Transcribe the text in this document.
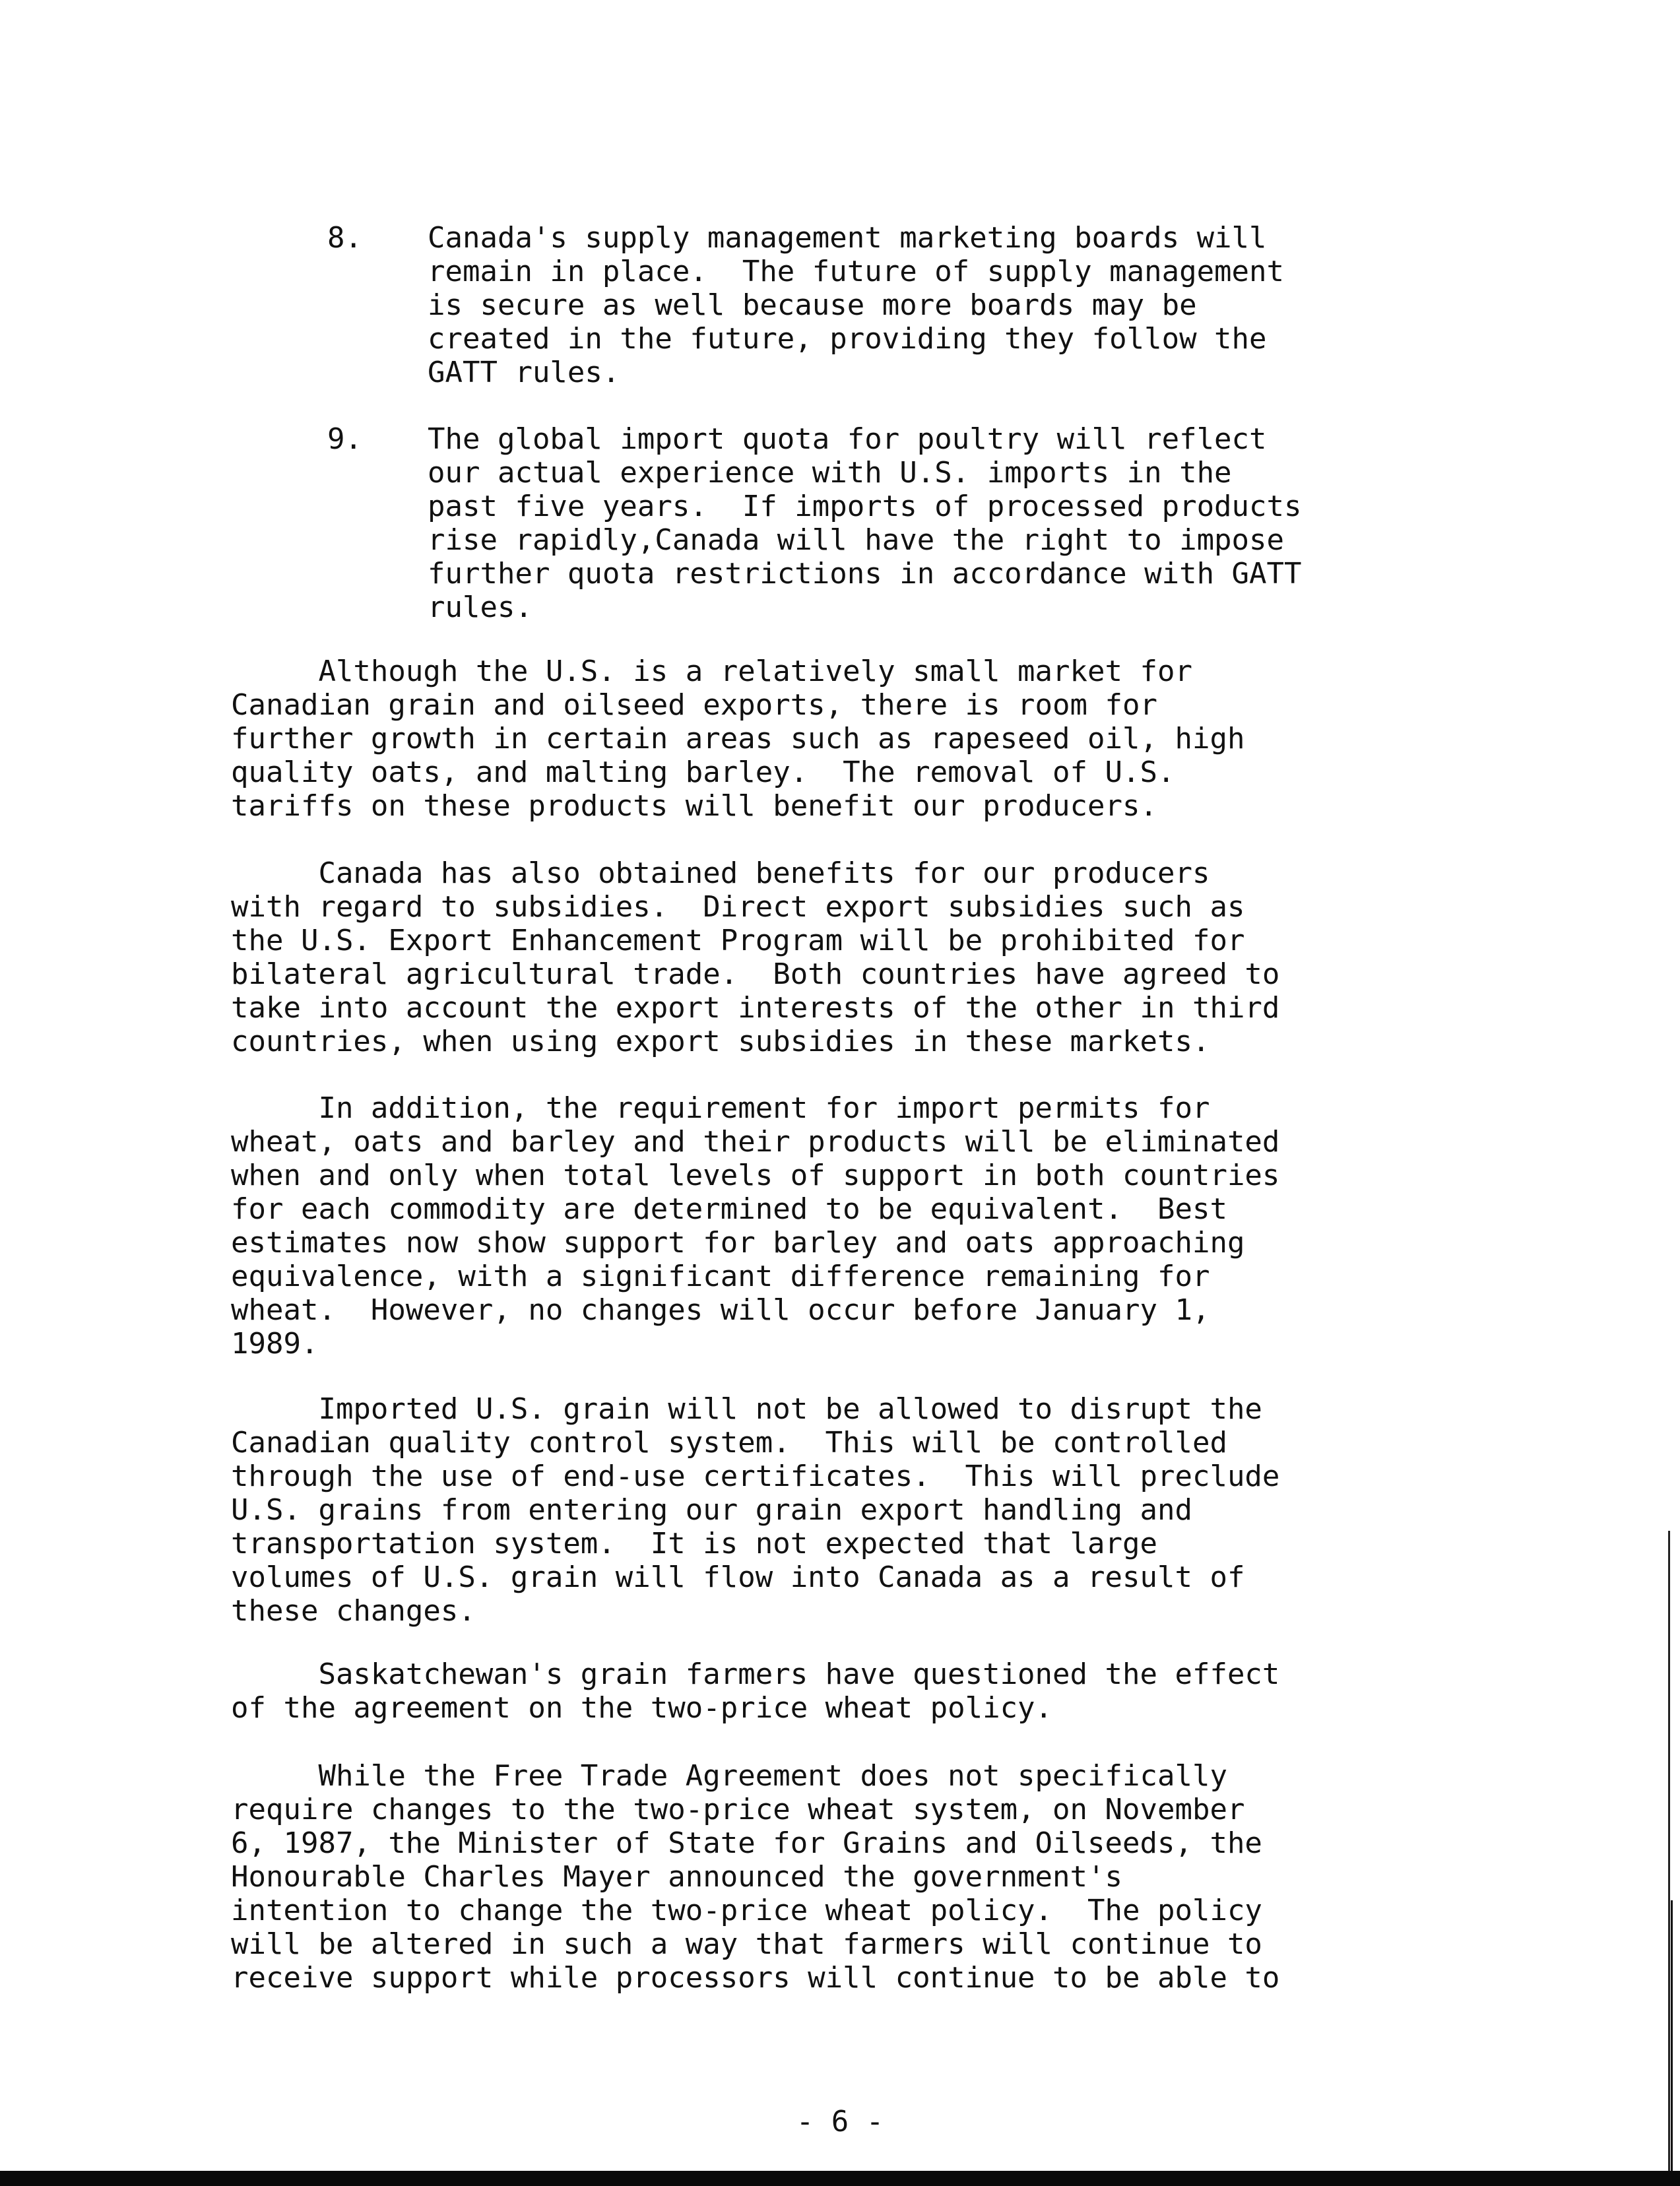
8. Canada's supply management marketing boards will
remain in place.  The future of supply management
is secure as well because more boards may be
created in the future, providing they follow the
GATT rules.
9. The global import quota for poultry will reflect
our actual experience with U.S. imports in the
past five years.  If imports of processed products
rise rapidly,Canada will have the right to impose
further quota restrictions in accordance with GATT
rules.
Although the U.S. is a relatively small market for
Canadian grain and oilseed exports, there is room for
further growth in certain areas such as rapeseed oil, high
quality oats, and malting barley.  The removal of U.S.
tariffs on these products will benefit our producers.
Canada has also obtained benefits for our producers
with regard to subsidies.  Direct export subsidies such as
the U.S. Export Enhancement Program will be prohibited for
bilateral agricultural trade.  Both countries have agreed to
take into account the export interests of the other in third
countries, when using export subsidies in these markets.
In addition, the requirement for import permits for
wheat, oats and barley and their products will be eliminated
when and only when total levels of support in both countries
for each commodity are determined to be equivalent.  Best
estimates now show support for barley and oats approaching
equivalence, with a significant difference remaining for
wheat.  However, no changes will occur before January 1,
1989.
Imported U.S. grain will not be allowed to disrupt the
Canadian quality control system.  This will be controlled
through the use of end-use certificates.  This will preclude
U.S. grains from entering our grain export handling and
transportation system.  It is not expected that large
volumes of U.S. grain will flow into Canada as a result of
these changes.
Saskatchewan's grain farmers have questioned the effect
of the agreement on the two-price wheat policy.
While the Free Trade Agreement does not specifically
require changes to the two-price wheat system, on November
6, 1987, the Minister of State for Grains and Oilseeds, the
Honourable Charles Mayer announced the government's
intention to change the two-price wheat policy.  The policy
will be altered in such a way that farmers will continue to
receive support while processors will continue to be able to
- 6 -
